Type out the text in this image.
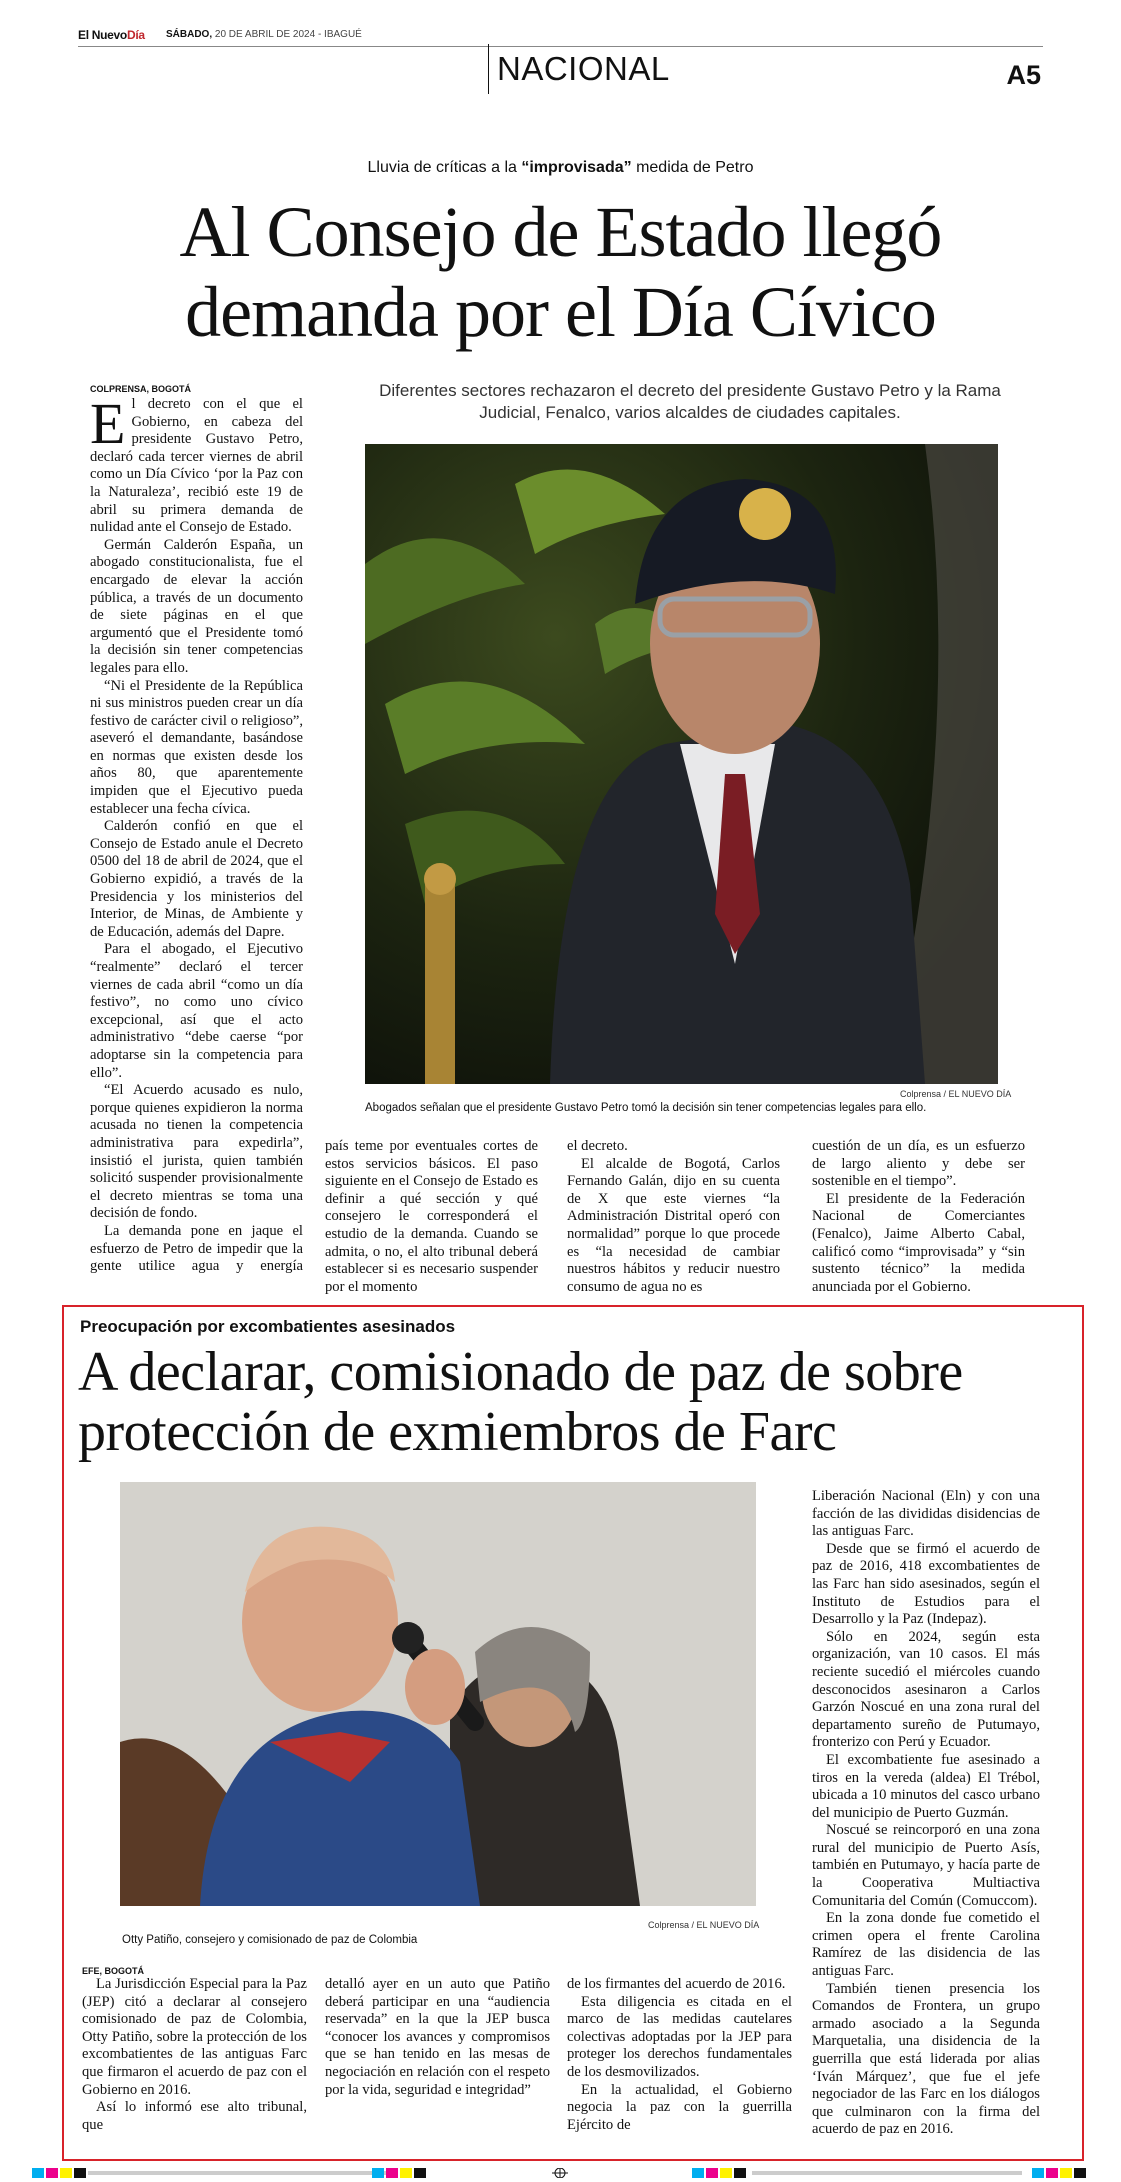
El NuevoDía SÁBADO, 20 DE ABRIL DE 2024 - IBAGUÉ
NACIONAL	A5
Lluvia de críticas a la “improvisada” medida de Petro
Al Consejo de Estado llegó
demanda por el Día Cívico
Diferentes sectores rechazaron el decreto del presidente Gustavo Petro y la Rama Judicial, Fenalco, varios alcaldes de ciudades capitales.
COLPRENSA, BOGOTÁ

El decreto con el que el Gobierno, en cabeza del presidente Gustavo Petro, declaró cada tercer viernes de abril como un Día Cívico ‘por la Paz con la Naturaleza’, recibió este 19 de abril su primera demanda de nulidad ante el Consejo de Estado.

Germán Calderón España, un abogado constitucionalista, fue el encargado de elevar la acción pública, a través de un documento de siete páginas en el que argumentó que el Presidente tomó la decisión sin tener competencias legales para ello.

“Ni el Presidente de la República ni sus ministros pueden crear un día festivo de carácter civil o religioso”, aseveró el demandante, basándose en normas que existen desde los años 80, que aparentemente impiden que el Ejecutivo pueda establecer una fecha cívica.

Calderón confió en que el Consejo de Estado anule el Decreto 0500 del 18 de abril de 2024, que el Gobierno expidió, a través de la Presidencia y los ministerios del Interior, de Minas, de Ambiente y de Educación, además del Dapre.

Para el abogado, el Ejecutivo “realmente” declaró el tercer viernes de cada abril “como un día festivo”, no como uno cívico excepcional, así que el acto administrativo “debe caerse “por adoptarse sin la competencia para ello”.

“El Acuerdo acusado es nulo, porque quienes expidieron la norma acusada no tienen la competencia administrativa para expedirla”, insistió el jurista, quien también solicitó suspender provisionalmente el decreto mientras se toma una decisión de fondo.

La demanda pone en jaque el esfuerzo de Petro de impedir que la gente utilice agua y energía

Colprensa / EL NUEVO DÍA
Abogados señalan que el presidente Gustavo Petro tomó la decisión sin tener competencias legales para ello.

país teme por eventuales cortes de estos servicios básicos. El paso siguiente en el Consejo de Estado es definir a qué sección y qué consejero le corresponderá el estudio de la demanda. Cuando se admita, o no, el alto tribunal deberá establecer si es necesario suspender por el momento

el decreto.

El alcalde de Bogotá, Carlos Fernando Galán, dijo en su cuenta de X que este viernes “la Administración Distrital operó con normalidad” porque lo que procede es “la necesidad de cambiar nuestros hábitos y reducir nuestro consumo de agua no es

cuestión de un día, es un esfuerzo de largo aliento y debe ser sostenible en el tiempo”.

El presidente de la Federación Nacional de Comerciantes (Fenalco), Jaime Alberto Cabal, calificó como “improvisada” y “sin sustento técnico” la medida anunciada por el Gobierno.

Preocupación por excombatientes asesinados
A declarar, comisionado de paz de sobre
protección de exmiembros de Farc
Colprensa / EL NUEVO DÍA
Otty Patiño, consejero y comisionado de paz de Colombia
EFE, BOGOTÁ

La Jurisdicción Especial para la Paz (JEP) citó a declarar al consejero comisionado de paz de Colombia, Otty Patiño, sobre la protección de los excombatientes de las antiguas Farc que firmaron el acuerdo de paz con el Gobierno en 2016.

Así lo informó ese alto tribunal, que

detalló ayer en un auto que Patiño deberá participar en una “audiencia reservada” en la que la JEP busca “conocer los avances y compromisos que se han tenido en las mesas de negociación en relación con el respeto por la vida, seguridad e integridad”

de los firmantes del acuerdo de 2016.

Esta diligencia es citada en el marco de las medidas cautelares colectivas adoptadas por la JEP para proteger los derechos fundamentales de los desmovilizados.

En la actualidad, el Gobierno negocia la paz con la guerrilla Ejército de

Liberación Nacional (Eln) y con una facción de las divididas disidencias de las antiguas Farc.

Desde que se firmó el acuerdo de paz de 2016, 418 excombatientes de las Farc han sido asesinados, según el Instituto de Estudios para el Desarrollo y la Paz (Indepaz).

Sólo en 2024, según esta organización, van 10 casos. El más reciente sucedió el miércoles cuando desconocidos asesinaron a Carlos Garzón Noscué en una zona rural del departamento sureño de Putumayo, fronterizo con Perú y Ecuador.

El excombatiente fue asesinado a tiros en la vereda (aldea) El Trébol, ubicada a 10 minutos del casco urbano del municipio de Puerto Guzmán.

Noscué se reincorporó en una zona rural del municipio de Puerto Asís, también en Putumayo, y hacía parte de la Cooperativa Multiactiva Comunitaria del Común (Comuccom).

En la zona donde fue cometido el crimen opera el frente Carolina Ramírez de las disidencia de las antiguas Farc.

También tienen presencia los Comandos de Frontera, un grupo armado asociado a la Segunda Marquetalia, una disidencia de la guerrilla que está liderada por alias ‘Iván Márquez’, que fue el jefe negociador de las Farc en los diálogos que culminaron con la firma del acuerdo de paz en 2016.
